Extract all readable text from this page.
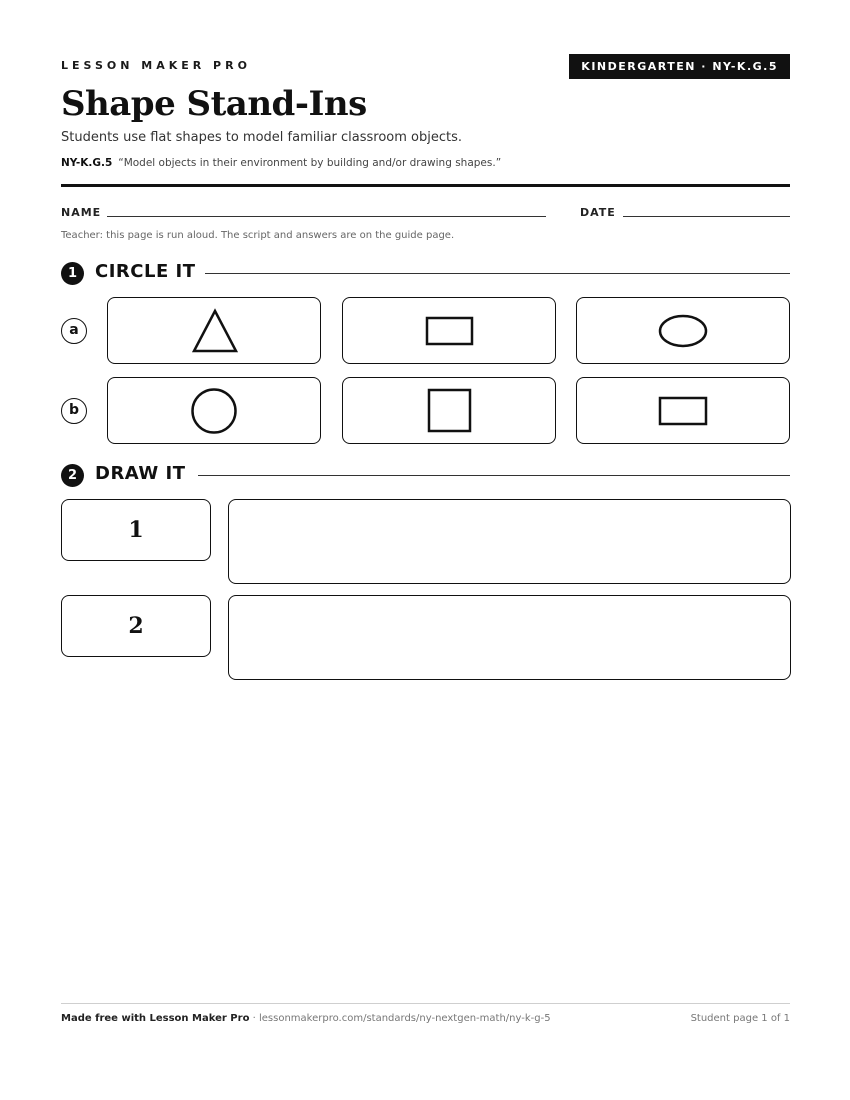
LESSON MAKER PRO	KINDERGARTEN · NY-K.G.5
Shape Stand-Ins
Students use flat shapes to model familiar classroom objects.
NY-K.G.5 “Model objects in their environment by building and/or drawing shapes.”
NAME	DATE
Teacher: this page is run aloud. The script and answers are on the guide page.
1 CIRCLE IT
a
b
2 DRAW IT
1
2
Made free with Lesson Maker Pro · lessonmakerpro.com/standards/ny-nextgen-math/ny-k-g-5	Student page 1 of 1
